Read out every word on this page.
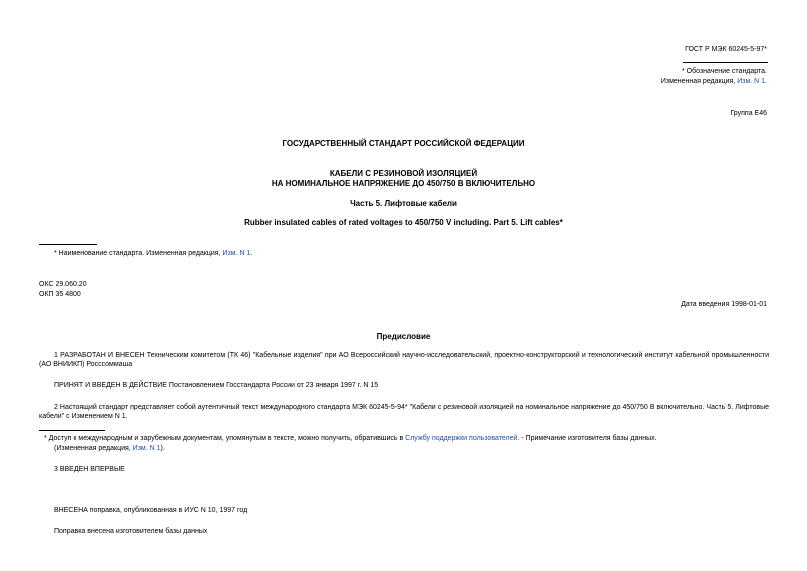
ГОСТ Р МЭК 60245-5-97*
* Обозначение стандарта.
Измененная редакция, Изм. N 1.
Группа Е46
ГОСУДАРСТВЕННЫЙ СТАНДАРТ РОССИЙСКОЙ ФЕДЕРАЦИИ
КАБЕЛИ С РЕЗИНОВОЙ ИЗОЛЯЦИЕЙ
НА НОМИНАЛЬНОЕ НАПРЯЖЕНИЕ ДО 450/750 В ВКЛЮЧИТЕЛЬНО
Часть 5. Лифтовые кабели
Rubber insulated cables of rated voltages to 450/750 V including. Part 5. Lift cables*
* Наименование стандарта. Измененная редакция, Изм. N 1.
ОКС 29.060.20
ОКП 35 4800
Дата введения 1998-01-01
Предисловие
1 РАЗРАБОТАН И ВНЕСЕН Техническим комитетом (ТК 46) "Кабельные изделия" при АО Всероссийский научно-исследовательский, проектно-конструкторский и технологический институт кабельной промышленности (АО ВНИИКП) Россcоммаша
ПРИНЯТ И ВВЕДЕН В ДЕЙСТВИЕ Постановлением Госстандарта России от 23 января 1997 г. N 15
2 Настоящий стандарт представляет собой аутентичный текст международного стандарта МЭК 60245-5-94* "Кабели с резиновой изоляцией на номинальное напряжение до 450/750 В включительно. Часть 5. Лифтовые кабели" с Изменением N 1.
* Доступ к международным и зарубежным документам, упомянутым в тексте, можно получить, обратившись в Службу поддержки пользователей. - Примечание изготовителя базы данных.
(Измененная редакция, Изм. N 1).
3 ВВЕДЕН ВПЕРВЫЕ
ВНЕСЕНА поправка, опубликованная в ИУС N 10, 1997 год
Поправка внесена изготовителем базы данных
